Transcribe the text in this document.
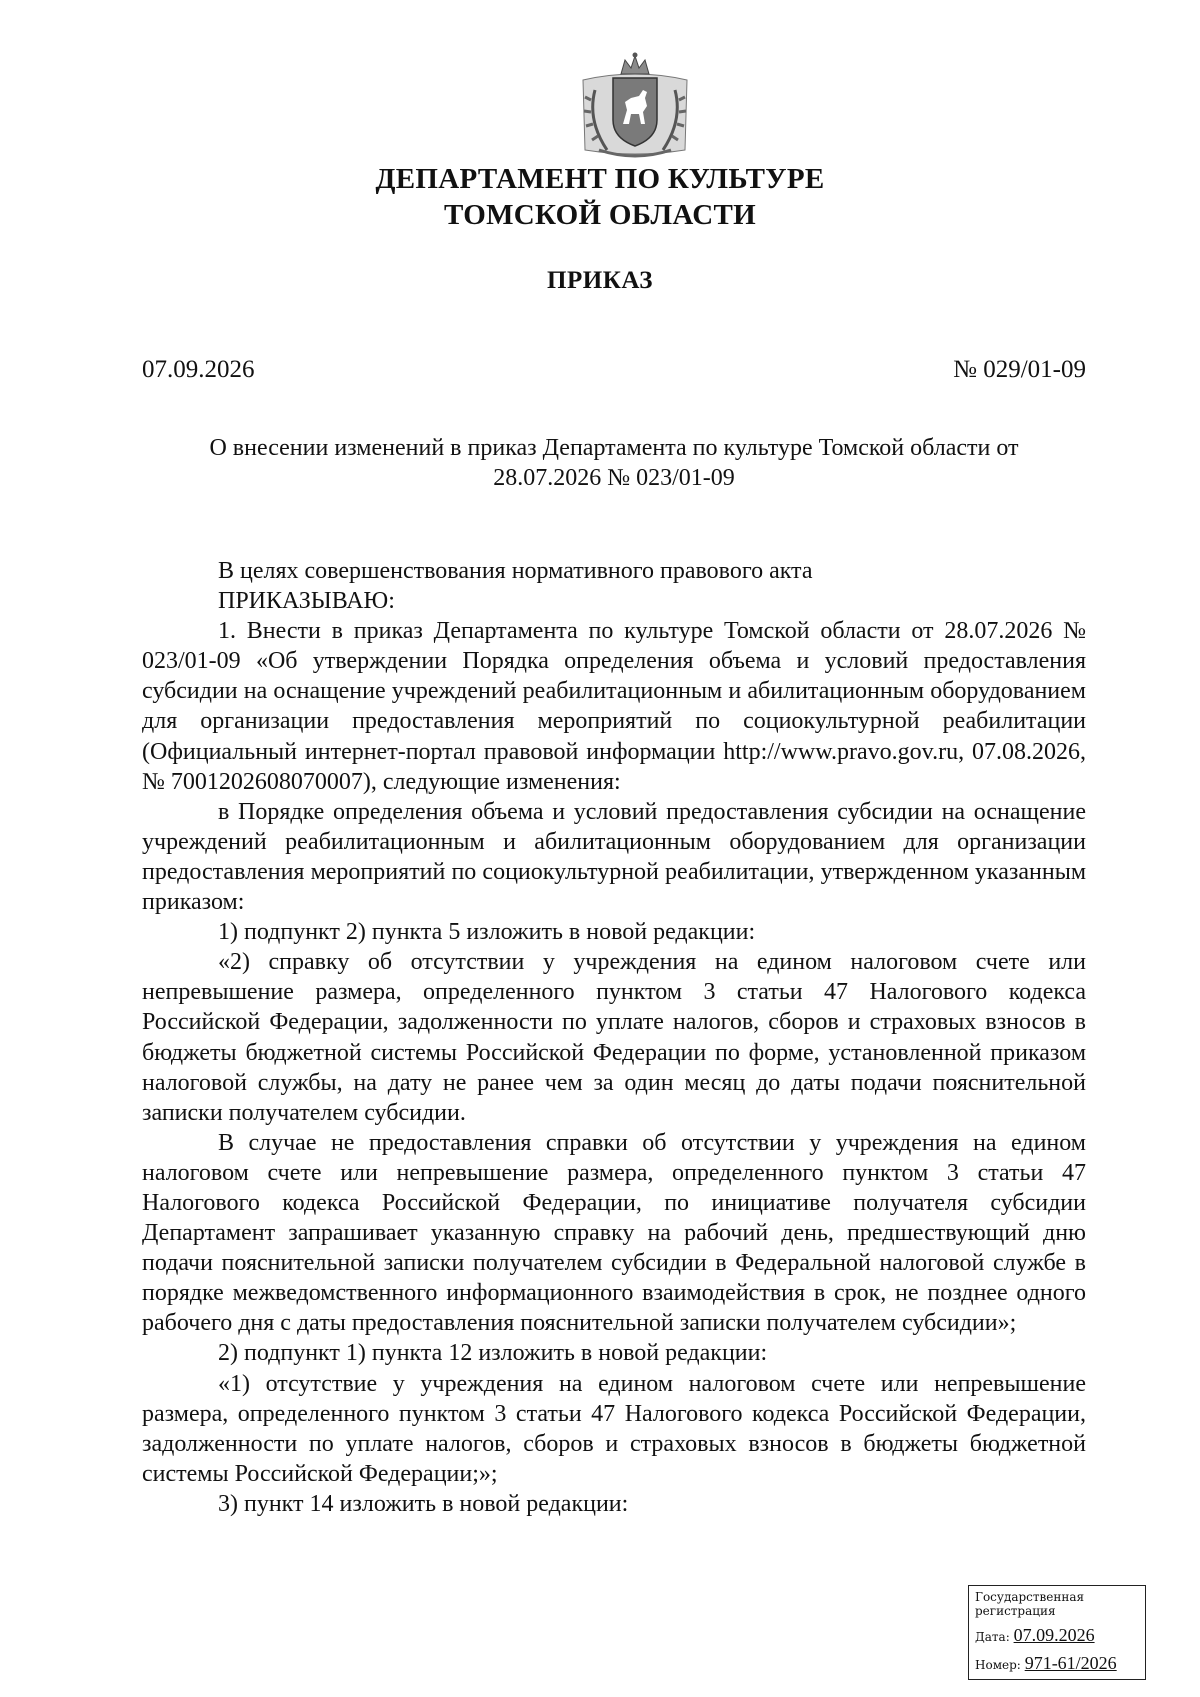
ДЕПАРТАМЕНТ ПО КУЛЬТУРЕ
ТОМСКОЙ ОБЛАСТИ
ПРИКАЗ
07.09.2026	№ 029/01-09
О внесении изменений в приказ Департамента по культуре Томской области от
28.07.2026 № 023/01-09

В целях совершенствования нормативного правового акта

ПРИКАЗЫВАЮ:

1. Внести в приказ Департамента по культуре Томской области от 28.07.2026 № 023/01-09 «Об утверждении Порядка определения объема и условий предоставления субсидии на оснащение учреждений реабилитационным и абилитационным оборудованием для организации предоставления мероприятий по социокультурной реабилитации (Официальный интернет-портал правовой информации http://www.pravo.gov.ru, 07.08.2026, № 7001202608070007), следующие изменения:

в Порядке определения объема и условий предоставления субсидии на оснащение учреждений реабилитационным и абилитационным оборудованием для организации предоставления мероприятий по социокультурной реабилитации, утвержденном указанным приказом:

1) подпункт 2) пункта 5 изложить в новой редакции:

«2) справку об отсутствии у учреждения на едином налоговом счете или непревышение размера, определенного пунктом 3 статьи 47 Налогового кодекса Российской Федерации, задолженности по уплате налогов, сборов и страховых взносов в бюджеты бюджетной системы Российской Федерации по форме, установленной приказом налоговой службы, на дату не ранее чем за один месяц до даты подачи пояснительной записки получателем субсидии.

В случае не предоставления справки об отсутствии у учреждения на едином налоговом счете или непревышение размера, определенного пунктом 3 статьи 47 Налогового кодекса Российской Федерации, по инициативе получателя субсидии Департамент запрашивает указанную справку на рабочий день, предшествующий дню подачи пояснительной записки получателем субсидии в Федеральной налоговой службе в порядке межведомственного информационного взаимодействия в срок, не позднее одного рабочего дня с даты предоставления пояснительной записки получателем субсидии»;

2) подпункт 1) пункта 12 изложить в новой редакции:

«1) отсутствие у учреждения на едином налоговом счете или непревышение размера, определенного пунктом 3 статьи 47 Налогового кодекса Российской Федерации, задолженности по уплате налогов, сборов и страховых взносов в бюджеты бюджетной системы Российской Федерации;»;

3) пункт 14 изложить в новой редакции:

Государственная регистрация
Дата: 07.09.2026
Номер: 971-61/2026
